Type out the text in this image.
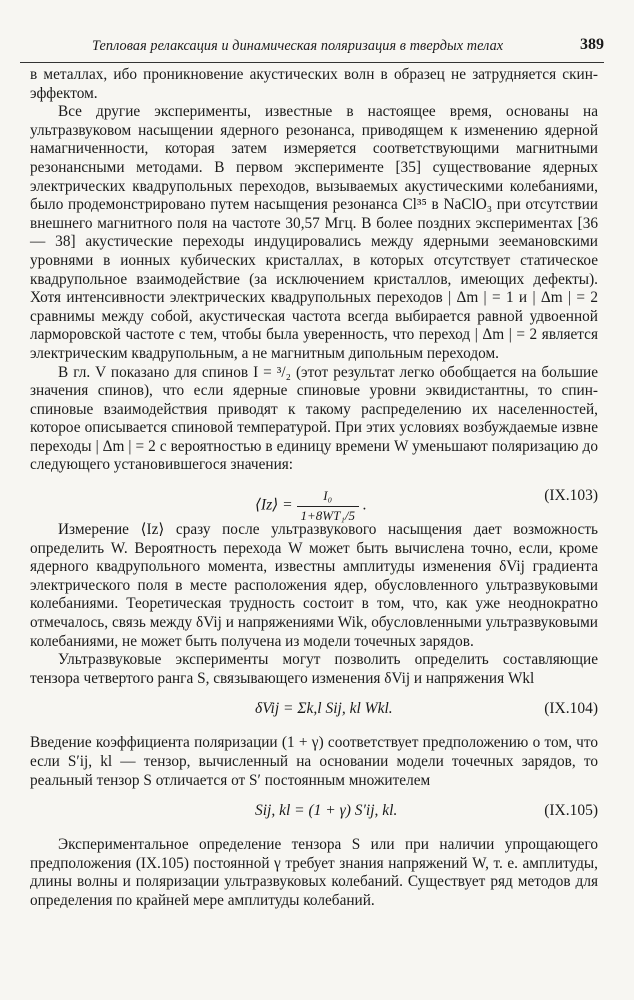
Тепловая релаксация и динамическая поляризация в твердых телах	389

в металлах, ибо проникновение акустических волн в образец не затрудняется скин-эффектом.

Все другие эксперименты, известные в настоящее время, основаны на ультразвуковом насыщении ядерного резонанса, приводящем к изменению ядерной намагниченности, которая затем измеряется соответствующими магнитными резонансными методами. В первом эксперименте [35] существование ядерных электрических квадрупольных переходов, вызываемых акустическими колебаниями, было продемонстрировано путем насыщения резонанса Cl³⁵ в NaClO₃ при отсутствии внешнего магнитного поля на частоте 30,57 Мгц. В более поздних экспериментах [36 — 38] акустические переходы индуцировались между ядерными зеемановскими уровнями в ионных кубических кристаллах, в которых отсутствует статическое квадрупольное взаимодействие (за исключением кристаллов, имеющих дефекты). Хотя интенсивности электрических квадрупольных переходов | Δm | = 1 и | Δm | = 2 сравнимы между собой, акустическая частота всегда выбирается равной удвоенной ларморовской частоте с тем, чтобы была уверенность, что переход | Δm | = 2 является электрическим квадрупольным, а не магнитным дипольным переходом.

В гл. V показано для спинов I = ³/₂ (этот результат легко обобщается на большие значения спинов), что если ядерные спиновые уровни эквидистантны, то спин-спиновые взаимодействия приводят к такому распределению их населенностей, которое описывается спиновой температурой. При этих условиях возбуждаемые извне переходы | Δm | = 2 с вероятностью в единицу времени W уменьшают поляризацию до следующего установившегося значения:

⟨Iz⟩ = $\frac{\text{I₀}}{\text{1+8WT₁/5}}$ .
(IX.103)

Измерение ⟨Iz⟩ сразу после ультразвукового насыщения дает возможность определить W. Вероятность перехода W может быть вычислена точно, если, кроме ядерного квадрупольного момента, известны амплитуды изменения δVij градиента электрического поля в месте расположения ядер, обусловленного ультразвуковыми колебаниями. Теоретическая трудность состоит в том, что, как уже неоднократно отмечалось, связь между δVij и напряжениями Wik, обусловленными ультразвуковыми колебаниями, не может быть получена из модели точечных зарядов.

Ультразвуковые эксперименты могут позволить определить составляющие тензора четвертого ранга S, связывающего изменения δVij и напряжения Wkl

δVij = Σk,l Sij, kl Wkl.	(IX.104)

Введение коэффициента поляризации (1 + γ) соответствует предположению о том, что если S′ij, kl — тензор, вычисленный на основании модели точечных зарядов, то реальный тензор S отличается от S′ постоянным множителем

Sij, kl = (1 + γ) S′ij, kl.	(IX.105)

Экспериментальное определение тензора S или при наличии упрощающего предположения (IX.105) постоянной γ требует знания напряжений W, т. е. амплитуды, длины волны и поляризации ультразвуковых колебаний. Существует ряд методов для определения по крайней мере амплитуды колебаний.
